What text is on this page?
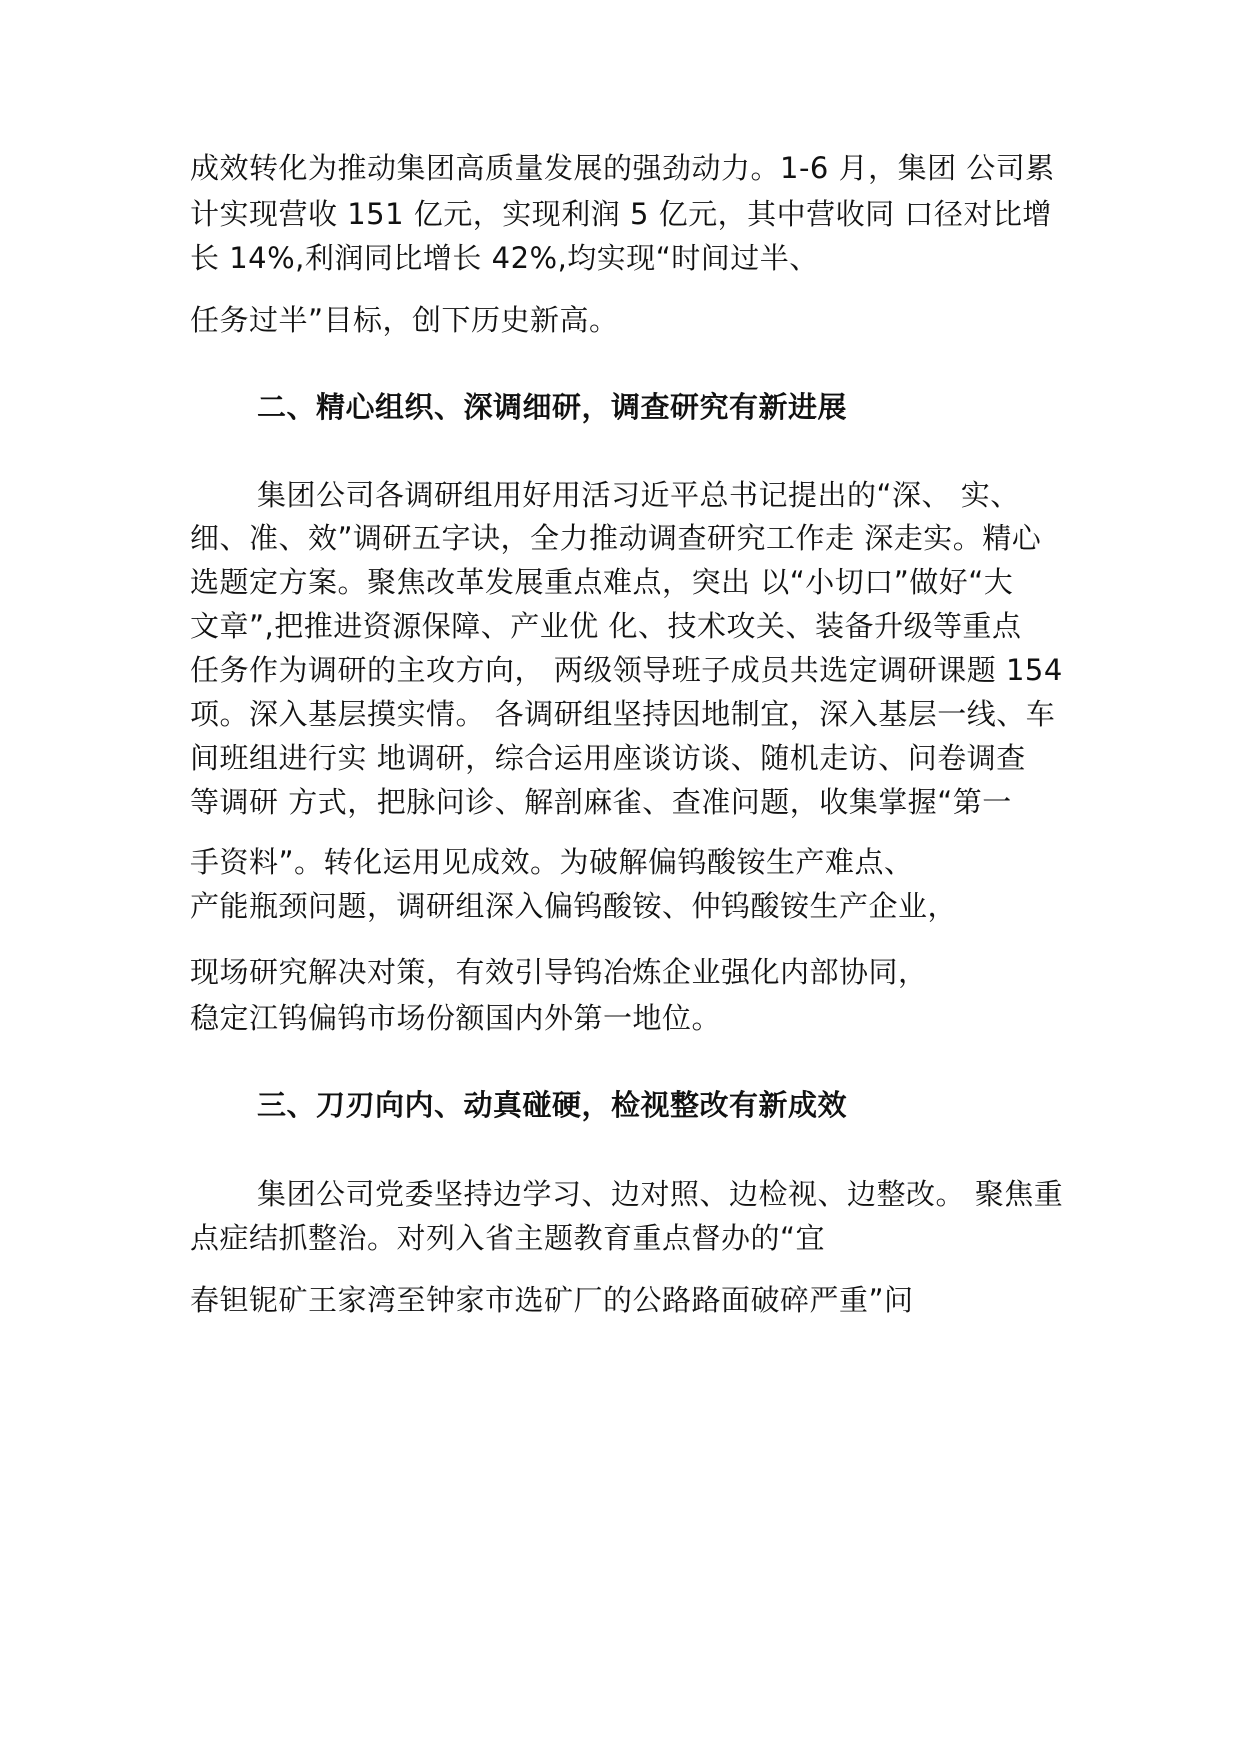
成效转化为推动集团高质量发展的强劲动力。1-6 月，集团 公司累
计实现营收 151 亿元，实现利润 5 亿元，其中营收同 口径对比增
长 14%,利润同比增长 42%,均实现“时间过半、
任务过半”目标，创下历史新高。
二、精心组织、深调细研，调查研究有新进展
集团公司各调研组用好用活习近平总书记提出的“深、 实、
细、准、效”调研五字诀，全力推动调查研究工作走 深走实。精心
选题定方案。聚焦改革发展重点难点，突出 以“小切口”做好“大
文章”,把推进资源保障、产业优 化、技术攻关、装备升级等重点
任务作为调研的主攻方向， 两级领导班子成员共选定调研课题 154
项。深入基层摸实情。 各调研组坚持因地制宜，深入基层一线、车
间班组进行实 地调研，综合运用座谈访谈、随机走访、问卷调查
等调研 方式，把脉问诊、解剖麻雀、查准问题，收集掌握“第一
手资料”。转化运用见成效。为破解偏钨酸铵生产难点、
产能瓶颈问题，调研组深入偏钨酸铵、仲钨酸铵生产企业，
现场研究解决对策，有效引导钨冶炼企业强化内部协同，
稳定江钨偏钨市场份额国内外第一地位。
三、刀刃向内、动真碰硬，检视整改有新成效
集团公司党委坚持边学习、边对照、边检视、边整改。 聚焦重
点症结抓整治。对列入省主题教育重点督办的“宜
春钽铌矿王家湾至钟家市选矿厂的公路路面破碎严重”问
